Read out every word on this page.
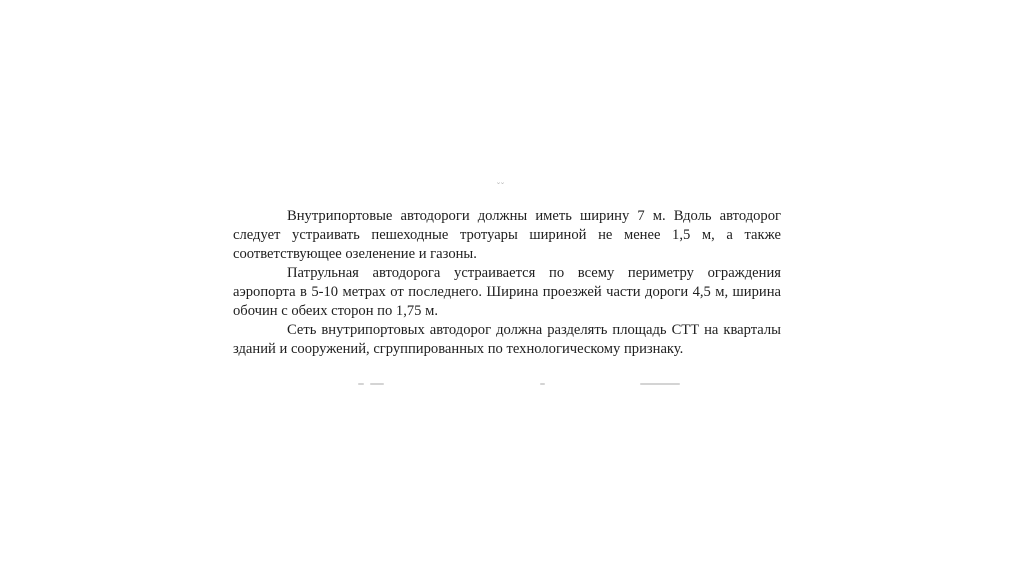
˘˘

Внутрипортовые автодороги должны иметь ширину 7 м. Вдоль автодорог следует устраивать пешеходные тротуары шириной не менее 1,5 м, а также соответствующее озеленение и газоны.

Патрульная автодорога устраивается по всему периметру ограждения аэропорта в 5-10 метрах от последнего. Ширина проезжей части дороги 4,5 м, ширина обочин с обеих сторон по 1,75 м.

Сеть внутрипортовых автодорог должна разделять площадь СТТ на кварталы зданий и сооружений, сгруппированных по технологическому признаку.
